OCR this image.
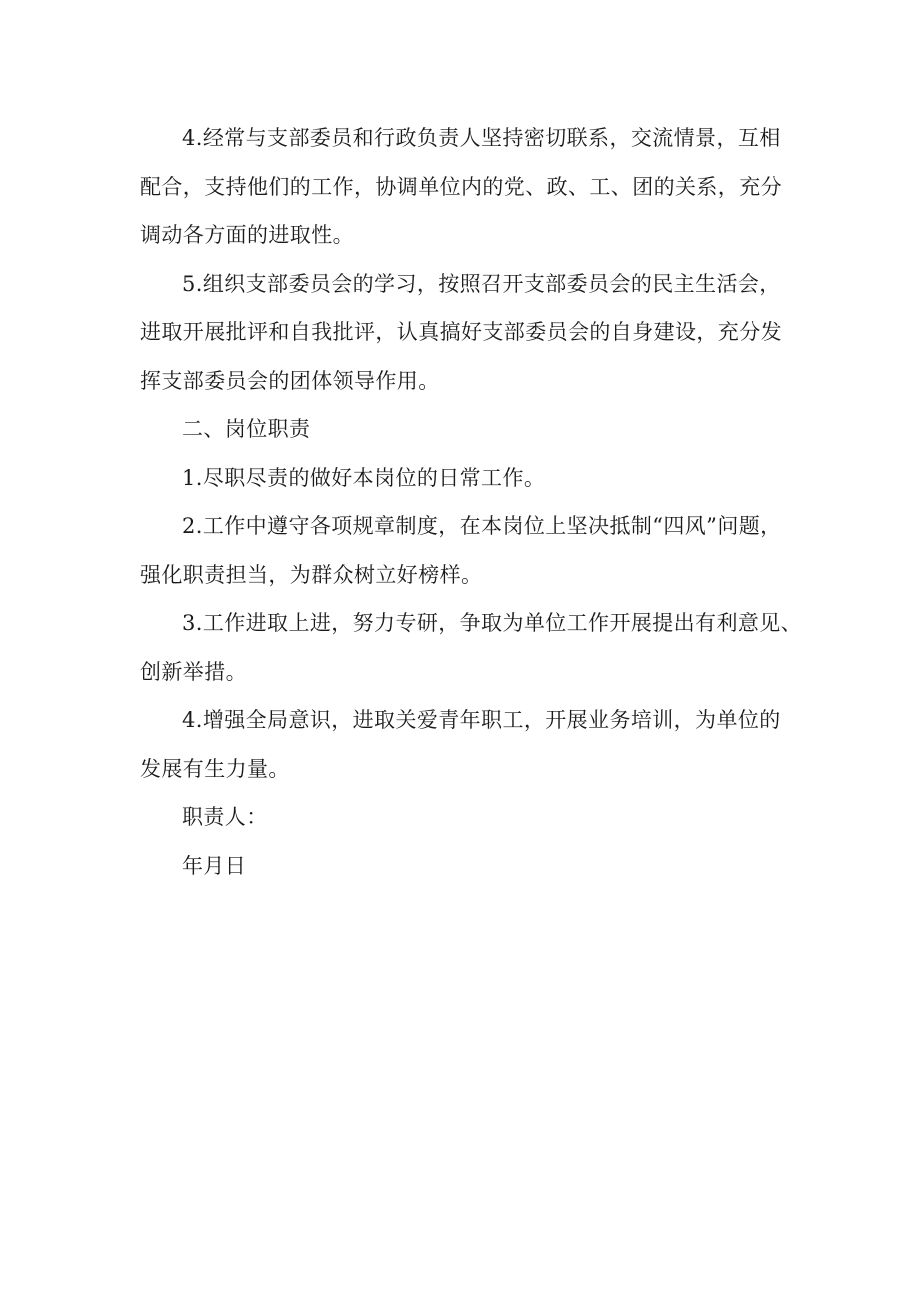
4.经常与支部委员和行政负责人坚持密切联系，交流情景，互相
配合，支持他们的工作，协调单位内的党、政、工、团的关系，充分
调动各方面的进取性。
5.组织支部委员会的学习，按照召开支部委员会的民主生活会，
进取开展批评和自我批评，认真搞好支部委员会的自身建设，充分发
挥支部委员会的团体领导作用。
二、岗位职责
1.尽职尽责的做好本岗位的日常工作。
2.工作中遵守各项规章制度，在本岗位上坚决抵制“四风”问题，
强化职责担当，为群众树立好榜样。
3.工作进取上进，努力专研，争取为单位工作开展提出有利意见、
创新举措。
4.增强全局意识，进取关爱青年职工，开展业务培训，为单位的
发展有生力量。
职责人：
年月日
